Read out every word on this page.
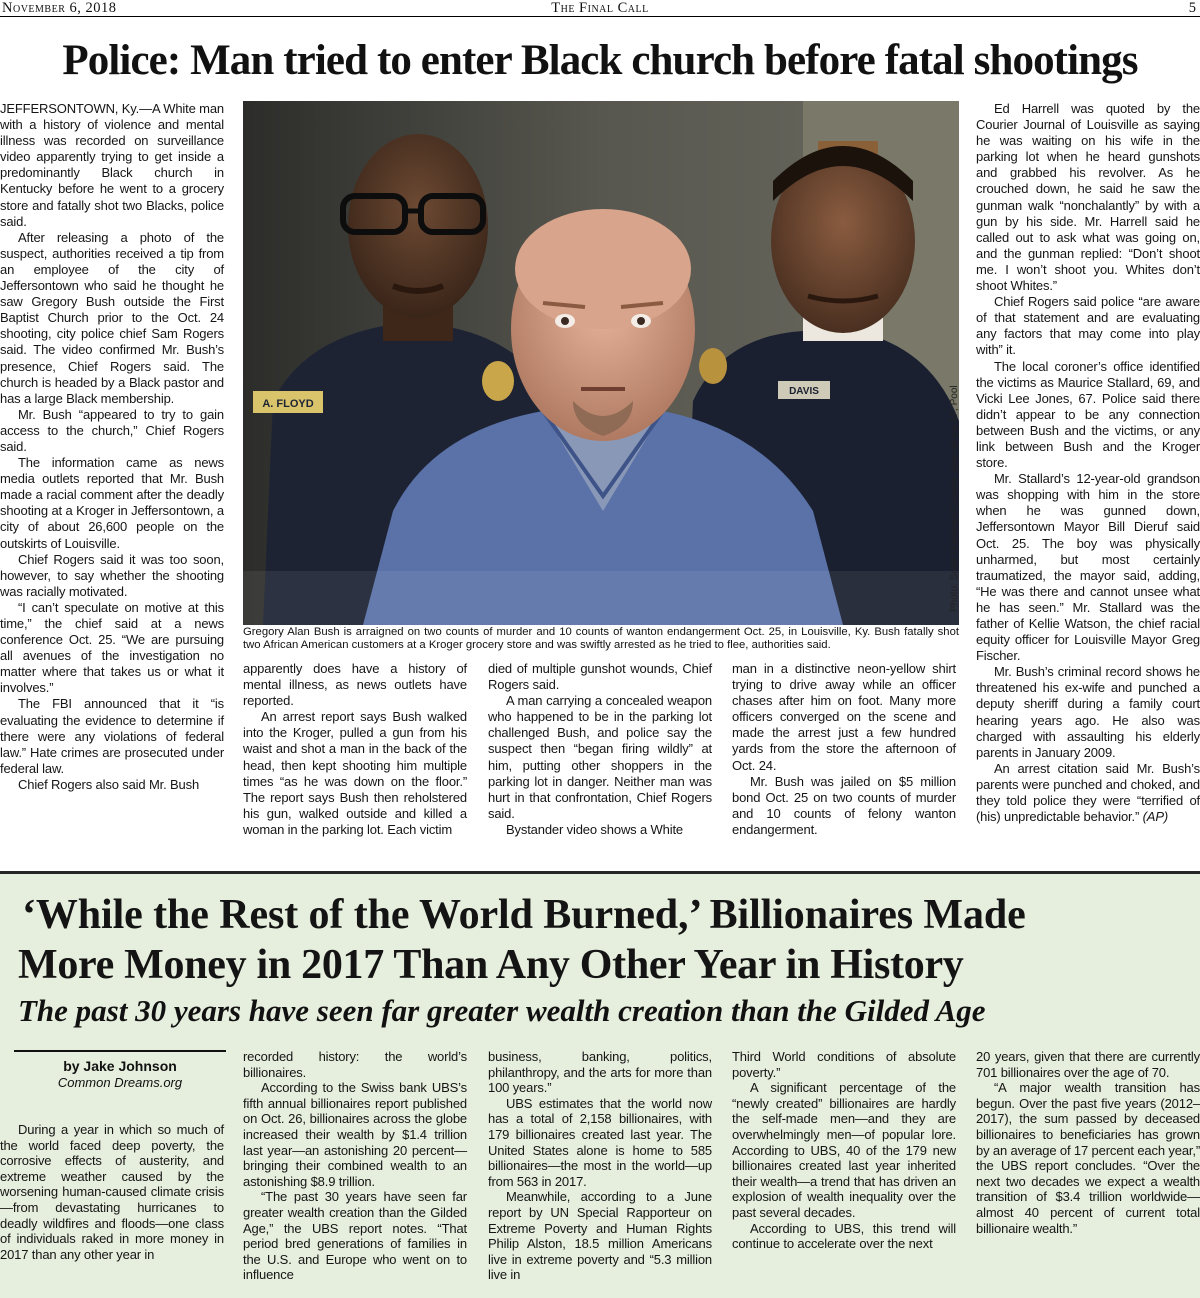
November 6, 2018	The Final Call	5
Police: Man tried to enter Black church before fatal shootings

JEFFERSONTOWN, Ky.—A White man with a history of violence and mental illness was recorded on surveillance video apparently trying to get inside a predominantly Black church in Kentucky before he went to a grocery store and fatally shot two Blacks, police said.

After releasing a photo of the suspect, authorities received a tip from an employee of the city of Jeffersontown who said he thought he saw Gregory Bush outside the First Baptist Church prior to the Oct. 24 shooting, city police chief Sam Rogers said. The video confirmed Mr. Bush’s presence, Chief Rogers said. The church is headed by a Black pastor and has a large Black membership.

Mr. Bush “appeared to try to gain access to the church,” Chief Rogers said.

The information came as news media outlets reported that Mr. Bush made a racial comment after the deadly shooting at a Kroger in Jeffersontown, a city of about 26,600 people on the outskirts of Louisville.

Chief Rogers said it was too soon, however, to say whether the shooting was racially motivated.

“I can’t speculate on motive at this time,” the chief said at a news conference Oct. 25. “We are pursuing all avenues of the investigation no matter where that takes us or what it involves.”

The FBI announced that it “is evaluating the evidence to determine if there were any violations of federal law.” Hate crimes are prosecuted under federal law.

Chief Rogers also said Mr. Bush

A. FLOYD
DAVIS	Photo: Scott Utterback/Courier Journal via AP, Pool
Gregory Alan Bush is arraigned on two counts of murder and 10 counts of wanton endangerment Oct. 25, in Louisville, Ky. Bush fatally shot two African American customers at a Kroger grocery store and was swiftly arrested as he tried to flee, authorities said.

apparently does have a history of mental illness, as news outlets have reported.

An arrest report says Bush walked into the Kroger, pulled a gun from his waist and shot a man in the back of the head, then kept shooting him multiple times “as he was down on the floor.” The report says Bush then reholstered his gun, walked outside and killed a woman in the parking lot. Each victim

died of multiple gunshot wounds, Chief Rogers said.

A man carrying a concealed weapon who happened to be in the parking lot challenged Bush, and police say the suspect then “began firing wildly” at him, putting other shoppers in the parking lot in danger. Neither man was hurt in that confrontation, Chief Rogers said.

Bystander video shows a White

man in a distinctive neon-yellow shirt trying to drive away while an officer chases after him on foot. Many more officers converged on the scene and made the arrest just a few hundred yards from the store the afternoon of Oct. 24.

Mr. Bush was jailed on $5 million bond Oct. 25 on two counts of murder and 10 counts of felony wanton endangerment.

Ed Harrell was quoted by the Courier Journal of Louisville as saying he was waiting on his wife in the parking lot when he heard gunshots and grabbed his revolver. As he crouched down, he said he saw the gunman walk “nonchalantly” by with a gun by his side. Mr. Harrell said he called out to ask what was going on, and the gunman replied: “Don’t shoot me. I won’t shoot you. Whites don’t shoot Whites.”

Chief Rogers said police “are aware of that statement and are evaluating any factors that may come into play with” it.

The local coroner’s office identified the victims as Maurice Stallard, 69, and Vicki Lee Jones, 67. Police said there didn’t appear to be any connection between Bush and the victims, or any link between Bush and the Kroger store.

Mr. Stallard’s 12-year-old grandson was shopping with him in the store when he was gunned down, Jeffersontown Mayor Bill Dieruf said Oct. 25. The boy was physically unharmed, but most certainly traumatized, the mayor said, adding, “He was there and cannot unsee what he has seen.” Mr. Stallard was the father of Kellie Watson, the chief racial equity officer for Louisville Mayor Greg Fischer.

Mr. Bush’s criminal record shows he threatened his ex-wife and punched a deputy sheriff during a family court hearing years ago. He also was charged with assaulting his elderly parents in January 2009.

An arrest citation said Mr. Bush’s parents were punched and choked, and they told police they were “terrified of (his) unpredictable behavior.” (AP)

‘While the Rest of the World Burned,’ Billionaires Made
More Money in 2017 Than Any Other Year in History
The past 30 years have seen far greater wealth creation than the Gilded Age
by Jake Johnson
Common Dreams.org

During a year in which so much of the world faced deep poverty, the corrosive effects of austerity, and extreme weather caused by the worsening human-caused climate crisis—from devastating hurricanes to deadly wildfires and floods—one class of individuals raked in more money in 2017 than any other year in

recorded history: the world’s billionaires.

According to the Swiss bank UBS’s fifth annual billionaires report published on Oct. 26, billionaires across the globe increased their wealth by $1.4 trillion last year—an astonishing 20 percent—bringing their combined wealth to an astonishing $8.9 trillion.

“The past 30 years have seen far greater wealth creation than the Gilded Age,” the UBS report notes. “That period bred generations of families in the U.S. and Europe who went on to influence

business, banking, politics, philanthropy, and the arts for more than 100 years.”

UBS estimates that the world now has a total of 2,158 billionaires, with 179 billionaires created last year. The United States alone is home to 585 billionaires—the most in the world—up from 563 in 2017.

Meanwhile, according to a June report by UN Special Rapporteur on Extreme Poverty and Human Rights Philip Alston, 18.5 million Americans live in extreme poverty and “5.3 million live in

Third World conditions of absolute poverty.”

A significant percentage of the “newly created” billionaires are hardly the self-made men—and they are overwhelmingly men—of popular lore. According to UBS, 40 of the 179 new billionaires created last year inherited their wealth—a trend that has driven an explosion of wealth inequality over the past several decades.

According to UBS, this trend will continue to accelerate over the next

20 years, given that there are currently 701 billionaires over the age of 70.

“A major wealth transition has begun. Over the past five years (2012–2017), the sum passed by deceased billionaires to beneficiaries has grown by an average of 17 percent each year,” the UBS report concludes. “Over the next two decades we expect a wealth transition of $3.4 trillion worldwide—almost 40 percent of current total billionaire wealth.”
